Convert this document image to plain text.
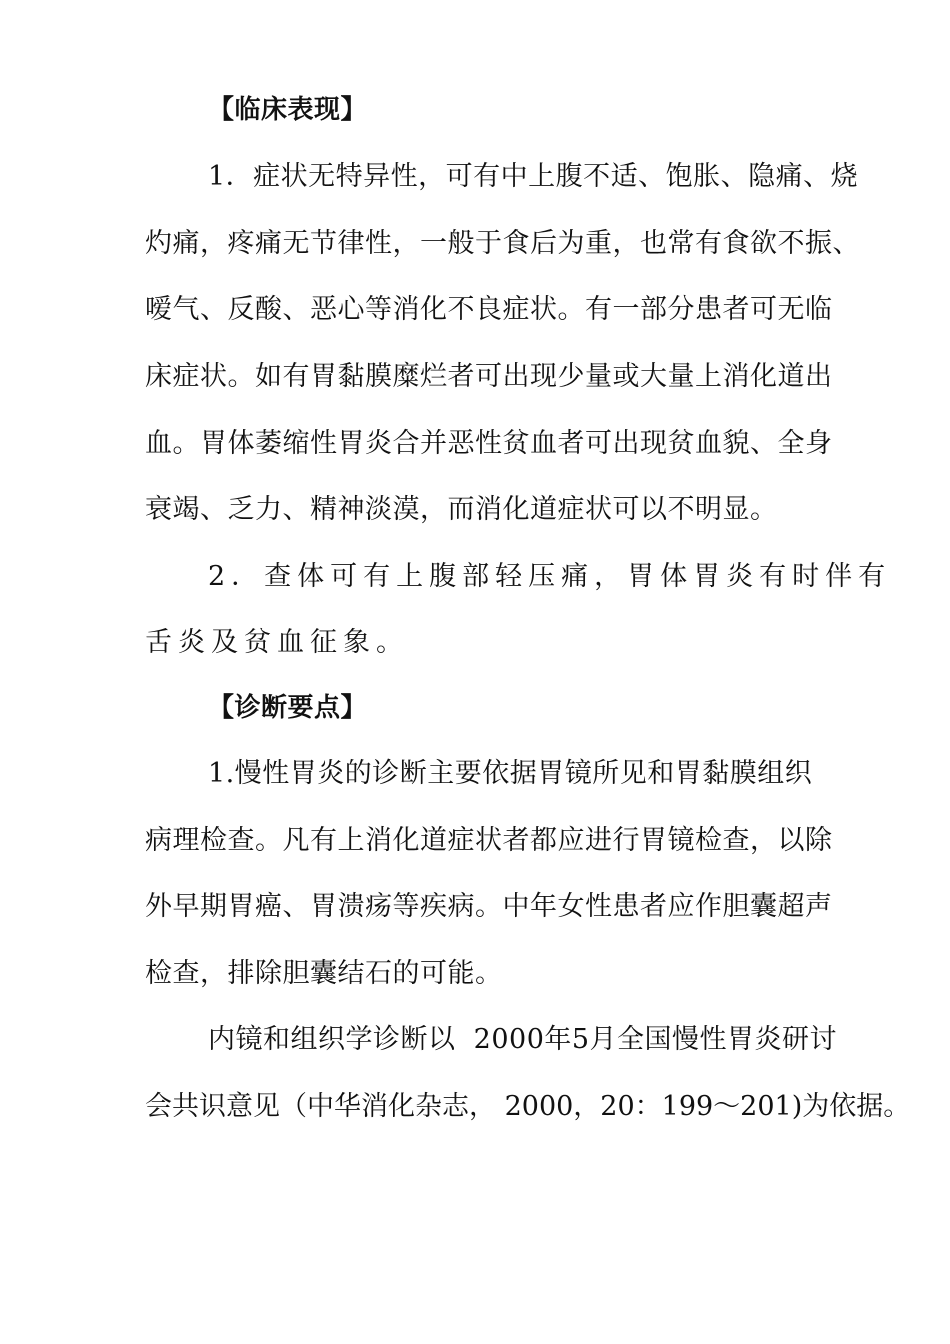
【临床表现】
1．症状无特异性，可有中上腹不适、饱胀、隐痛、烧
灼痛，疼痛无节律性，一般于食后为重，也常有食欲不振、
嗳气、反酸、恶心等消化不良症状。有一部分患者可无临
床症状。如有胃黏膜糜烂者可出现少量或大量上消化道出
血。胃体萎缩性胃炎合并恶性贫血者可出现贫血貌、全身
衰竭、乏力、精神淡漠，而消化道症状可以不明显。
2．查体可有上腹部轻压痛，胃体胃炎有时伴有
舌炎及贫血征象。
【诊断要点】
1.慢性胃炎的诊断主要依据胃镜所见和胃黏膜组织
病理检查。凡有上消化道症状者都应进行胃镜检查，以除
外早期胃癌、胃溃疡等疾病。中年女性患者应作胆囊超声
检查，排除胆囊结石的可能。
内镜和组织学诊断以  2000年5月全国慢性胃炎研讨
会共识意见（中华消化杂志， 2000，20：199～201)为依据。
